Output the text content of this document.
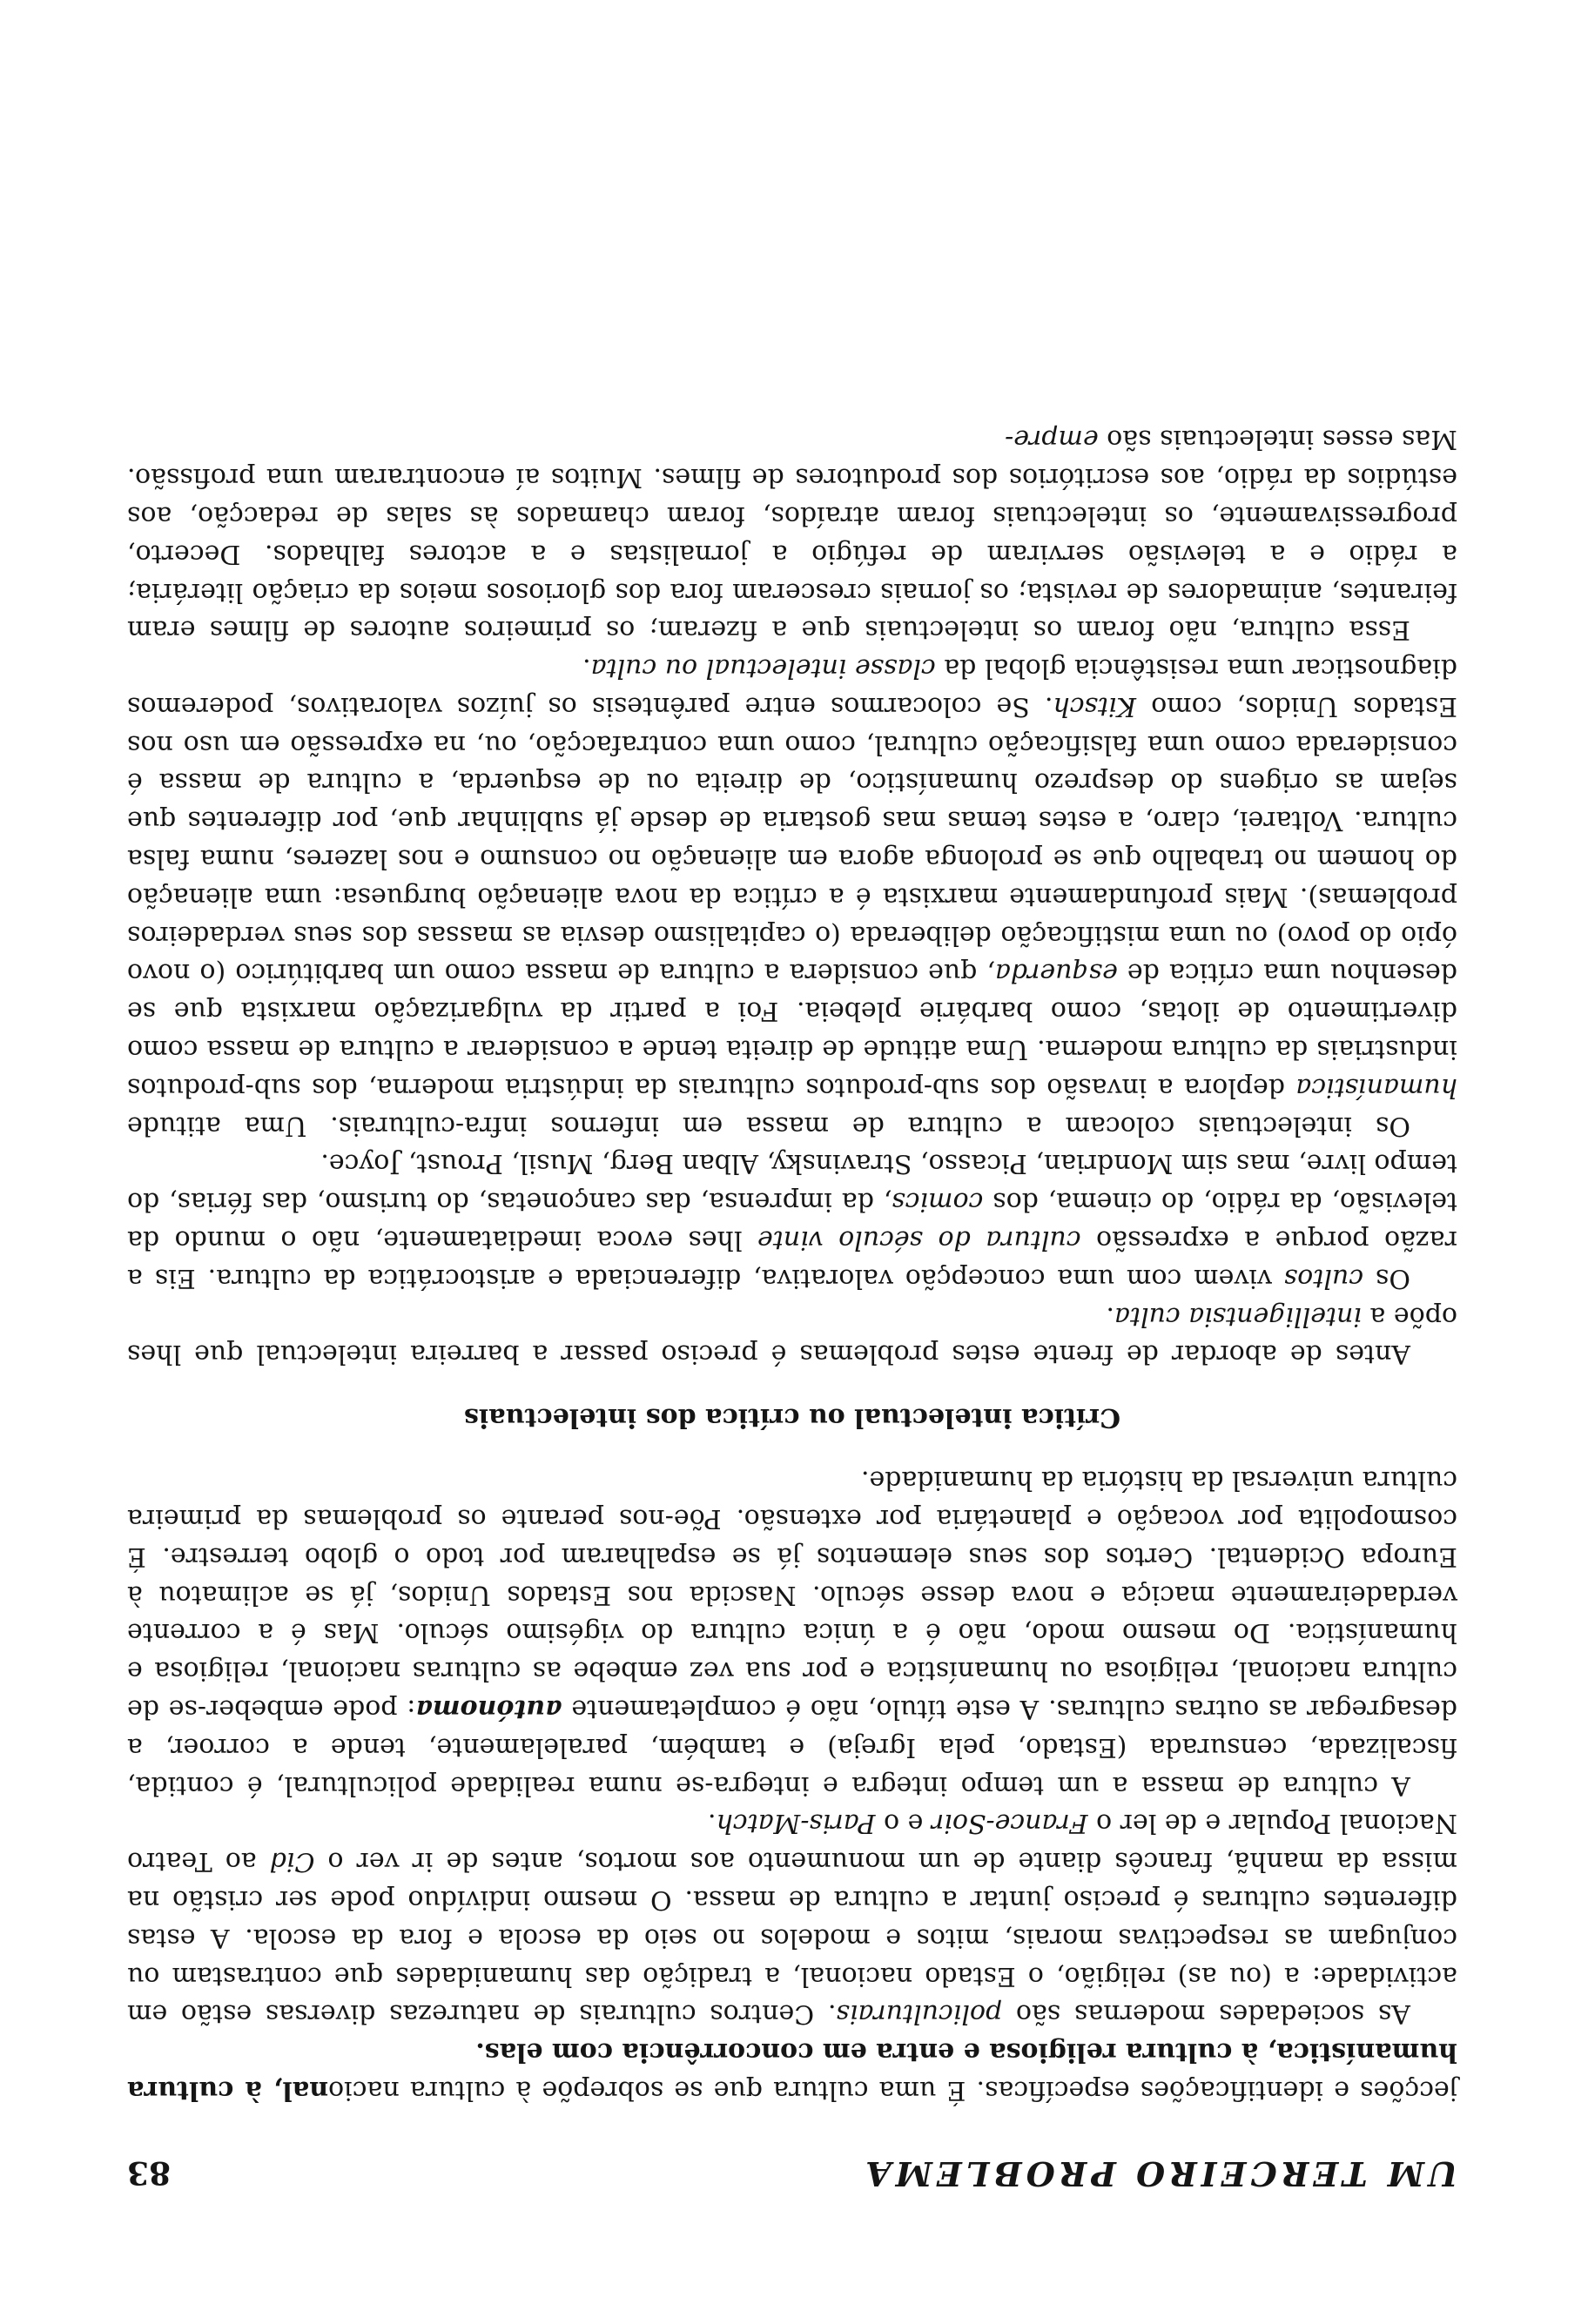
UM TERCEIRO PROBLEMA
83

jecções e identificações específicas. É uma cultura que se sobrepõe à cultura nacional, à cultura humanística, à cultura religiosa e entra em concorrência com elas.

As sociedades modernas são policulturais. Centros culturais de naturezas diversas estão em actividade: a (ou as) religião, o Estado nacional, a tradição das humanidades que contrastam ou conjugam as respectivas morais, mitos e modelos no seio da escola e fora da escola. A estas diferentes culturas é preciso juntar a cultura de massa. O mesmo indivíduo pode ser cristão na missa da manhã, francês diante de um monumento aos mortos, antes de ir ver o Cid ao Teatro Nacional Popular e de ler o France-Soir e o Paris-Match.

A cultura de massa a um tempo integra e integra-se numa realidade policultural, é contida, fiscalizada, censurada (Estado, pela Igreja) e também, paralelamente, tende a corroer, a desagregar as outras culturas. A este título, não é completamente autónoma: pode embeber-se de cultura nacional, religiosa ou humanística e por sua vez embebe as culturas nacional, religiosa e humanística. Do mesmo modo, não é a única cultura do vigésimo século. Mas é a corrente verdadeiramente maciça e nova desse século. Nascida nos Estados Unidos, já se aclimatou à Europa Ocidental. Certos dos seus elementos já se espalharam por todo o globo terrestre. É cosmopolita por vocação e planetária por extensão. Põe-nos perante os problemas da primeira cultura universal da história da humanidade.

Crítica intelectual ou crítica dos intelectuais

Antes de abordar de frente estes problemas é preciso passar a barreira intelectual que lhes opõe a intelligentsia culta.

Os cultos vivem com uma concepção valorativa, diferenciada e aristocrática da cultura. Eis a razão porque a expressão cultura do século vinte lhes evoca imediatamente, não o mundo da televisão, da rádio, do cinema, dos comics, da imprensa, das cançonetas, do turismo, das férias, do tempo livre, mas sim Mondrian, Picasso, Stravinsky, Alban Berg, Musil, Proust, Joyce.

Os intelectuais colocam a cultura de massa em infernos infra-culturais. Uma atitude humanística deplora a invasão dos sub-produtos culturais da indústria moderna, dos sub-produtos industriais da cultura moderna. Uma atitude de direita tende a considerar a cultura de massa como divertimento de ilotas, como barbárie plebeia. Foi a partir da vulgarização marxista que se desenhou uma crítica de esquerda, que considera a cultura de massa como um barbitúrico (o novo ópio do povo) ou uma mistificação deliberada (o capitalismo desvia as massas dos seus verdadeiros problemas). Mais profundamente marxista é a crítica da nova alienação burguesa: uma alienação do homem no trabalho que se prolonga agora em alienação no consumo e nos lazeres, numa falsa cultura. Voltarei, claro, a estes temas mas gostaria de desde já sublinhar que, por diferentes que sejam as origens do desprezo humanístico, de direita ou de esquerda, a cultura de massa é considerada como uma falsificação cultural, como uma contrafacção, ou, na expressão em uso nos Estados Unidos, como Kitsch. Se colocarmos entre parêntesis os juízos valorativos, poderemos diagnosticar uma resistência global da classe intelectual ou culta.

Essa cultura, não foram os intelectuais que a fizeram; os primeiros autores de filmes eram feirantes, animadores de revista; os jornais cresceram fora dos gloriosos meios da criação literária; a rádio e a televisão serviram de refúgio a jornalistas e a actores falhados. Decerto, progressivamente, os intelectuais foram atraídos, foram chamados às salas de redacção, aos estúdios da rádio, aos escritórios dos produtores de filmes. Muitos aí encontraram uma profissão. Mas esses intelectuais são empre-
